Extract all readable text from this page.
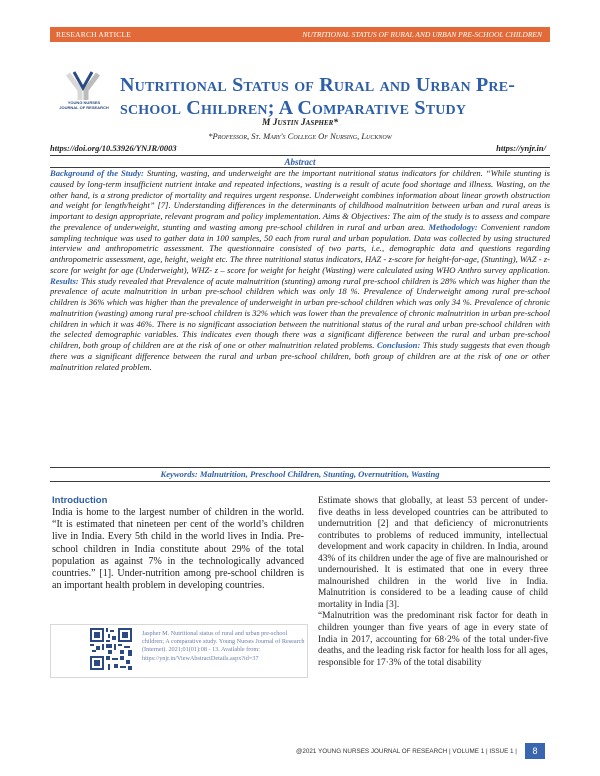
RESEARCH ARTICLE	NUTRITIONAL STATUS OF RURAL AND URBAN PRE-SCHOOL CHILDREN
YOUNG NURSES
JOURNAL OF RESEARCH
Nutritional Status of Rural and Urban Pre-school Children; A Comparative Study
M Justin Jaspher*
*Professor, St. Mary's College Of Nursing, Lucknow
https://doi.org/10.53926/YNJR/0003	https://ynjr.in/
Abstract

Background of the Study: Stunting, wasting, and underweight are the important nutritional status indicators for children. “While stunting is caused by long-term insufficient nutrient intake and repeated infections, wasting is a result of acute food shortage and illness. Wasting, on the other hand, is a strong predictor of mortality and requires urgent response. Underweight combines information about linear growth obstruction and weight for length/height” [7]. Understanding differences in the determinants of childhood malnutrition between urban and rural areas is important to design appropriate, relevant program and policy implementation. Aims & Objectives: The aim of the study is to assess and compare the prevalence of underweight, stunting and wasting among pre-school children in rural and urban area. Methodology: Convenient random sampling technique was used to gather data in 100 samples, 50 each from rural and urban population. Data was collected by using structured interview and anthropometric assessment. The questionnaire consisted of two parts, i.e., demographic data and questions regarding anthropometric assessment, age, height, weight etc. The three nutritional status indicators, HAZ - z-score for height-for-age, (Stunting), WAZ - z-score for weight for age (Underweight), WHZ- z – score for weight for height (Wasting) were calculated using WHO Anthro survey application. Results: This study revealed that Prevalence of acute malnutrition (stunting) among rural pre-school children is 28% which was higher than the prevalence of acute malnutrition in urban pre-school children which was only 18 %. Prevalence of Underweight among rural pre-school children is 36% which was higher than the prevalence of underweight in urban pre-school children which was only 34 %. Prevalence of chronic malnutrition (wasting) among rural pre-school children is 32% which was lower than the prevalence of chronic malnutrition in urban pre-school children in which it was 46%. There is no significant association between the nutritional status of the rural and urban pre-school children with the selected demographic variables. This indicates even though there was a significant difference between the rural and urban pre-school children, both group of children are at the risk of one or other malnutrition related problems. Conclusion: This study suggests that even though there was a significant difference between the rural and urban pre-school children, both group of children are at the risk of one or other malnutrition related problem.

Keywords: Malnutrition, Preschool Children, Stunting, Overnutrition, Wasting
Introduction

India is home to the largest number of children in the world. “It is estimated that nineteen per cent of the world’s children live in India. Every 5th child in the world lives in India. Pre-school children in India constitute about 29% of the total population as against 7% in the technologically advanced countries.” [1]. Under-nutrition among pre-school children is an important health problem in developing countries.

Estimate shows that globally, at least 53 percent of under-five deaths in less developed countries can be attributed to undernutrition [2] and that deficiency of micronutrients contributes to problems of reduced immunity, intellectual development and work capacity in children. In India, around 43% of its children under the age of five are malnourished or undernourished. It is estimated that one in every three malnourished children in the world live in India. Malnutrition is considered to be a leading cause of child mortality in India [3].

“Malnutrition was the predominant risk factor for death in children younger than five years of age in every state of India in 2017, accounting for 68·2% of the total under-five deaths, and the leading risk factor for health loss for all ages, responsible for 17·3% of the total disability

Jaspher M. Nutritional status of rural and urban pre-school children; A comparative study. Young Nurses Journal of Research (Internet). 2021;01(01):08 - 13. Available from: https://ynjr.in/ViewAbstractDetails.aspx?id=37

@2021 YOUNG NURSES JOURNAL OF RESEARCH | VOLUME 1 | ISSUE 1 |	8
